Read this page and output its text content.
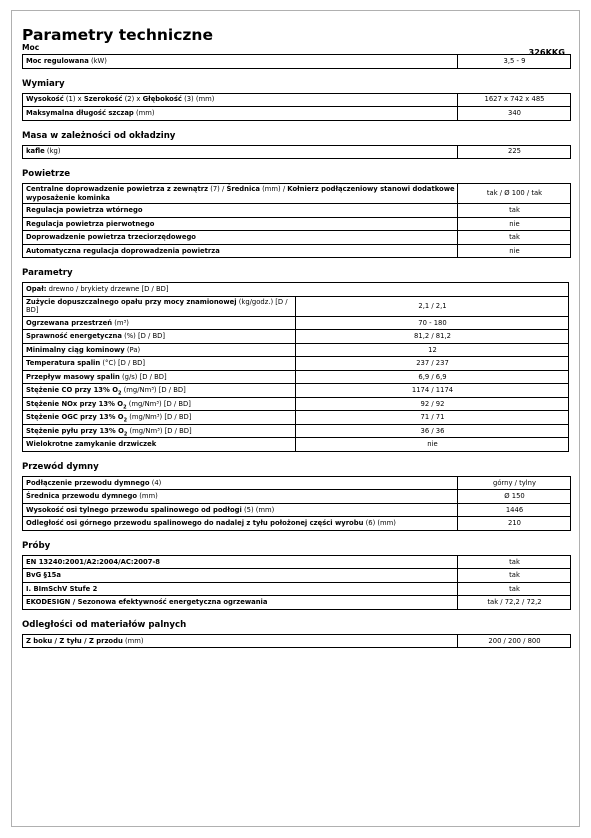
Parametry techniczne
326KKG
Moc
Moc regulowana (kW)	3,5 - 9
Wymiary
Wysokość (1) x Szerokość (2) x Głębokość (3) (mm)	1627 x 742 x 485
Maksymalna długość szczap (mm)	340
Masa w zależności od okładziny
kafle (kg)	225
Powietrze
Centralne doprowadzenie powietrza z zewnątrz (7) / Średnica (mm) / Kołnierz podłączeniowy stanowi dodatkowe wyposażenie kominka	tak / Ø 100 / tak
Regulacja powietrza wtórnego	tak
Regulacja powietrza pierwotnego	nie
Doprowadzenie powietrza trzeciorzędowego	tak
Automatyczna regulacja doprowadzenia powietrza	nie
Parametry
Opał: drewno / brykiety drzewne [D / BD]	
Zużycie dopuszczalnego opału przy mocy znamionowej (kg/godz.) [D / BD]	2,1 / 2,1
Ogrzewana przestrzeń (m³)	70 - 180
Sprawność energetyczna (%) [D / BD]	81,2 / 81,2
Minimalny ciąg kominowy (Pa)	12
Temperatura spalin (°C) [D / BD]	237 / 237
Przepływ masowy spalin (g/s) [D / BD]	6,9 / 6,9
Stężenie CO przy 13% $O_2$ (mg/Nm³) [D / BD]	1174 / 1174
Stężenie NOx przy 13% $O_2$ (mg/Nm³) [D / BD]	92 / 92
Stężenie OGC przy 13% $O_2$ (mg/Nm³) [D / BD]	71 / 71
Stężenie pyłu przy 13% $O_2$ (mg/Nm³) [D / BD]	36 / 36
Wielokrotne zamykanie drzwiczek	nie
Przewód dymny
Podłączenie przewodu dymnego (4)	górny / tylny
Średnica przewodu dymnego (mm)	Ø 150
Wysokość osi tylnego przewodu spalinowego od podłogi (5) (mm)	1446
Odległość osi górnego przewodu spalinowego do nadalej z tyłu położonej części wyrobu (6) (mm)	210
Próby
EN 13240:2001/A2:2004/AC:2007-8	tak
BvG §15a	tak
I. BImSchV Stufe 2	tak
EKODESIGN / Sezonowa efektywność energetyczna ogrzewania	tak / 72,2 / 72,2
Odległości od materiałów palnych
Z boku / Z tyłu / Z przodu (mm)	200 / 200 / 800
